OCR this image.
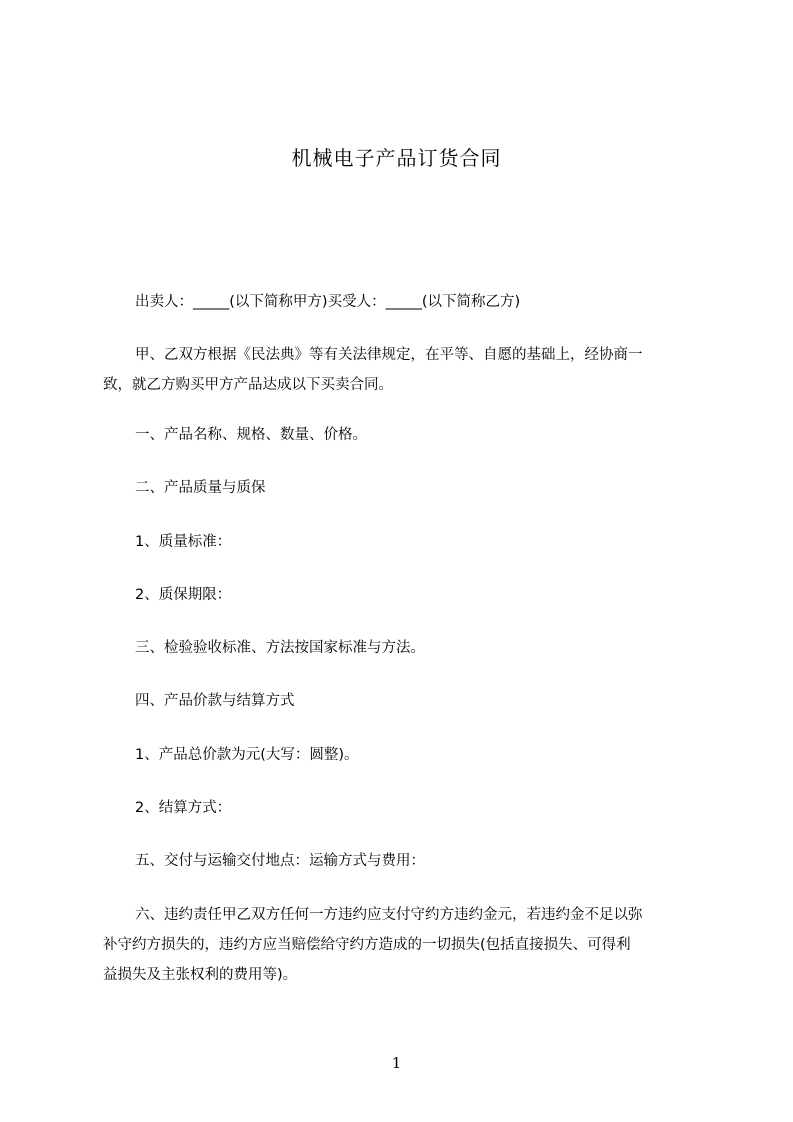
机械电子产品订货合同
出卖人：_____(以下简称甲方)买受人：_____(以下简称乙方)
甲、乙双方根据《民法典》等有关法律规定，在平等、自愿的基础上，经协商一
致，就乙方购买甲方产品达成以下买卖合同。
一、产品名称、规格、数量、价格。
二、产品质量与质保
1、质量标准：
2、质保期限：
三、检验验收标准、方法按国家标准与方法。
四、产品价款与结算方式
1、产品总价款为元(大写：圆整)。
2、结算方式：
五、交付与运输交付地点：运输方式与费用：
六、违约责任甲乙双方任何一方违约应支付守约方违约金元，若违约金不足以弥
补守约方损失的，违约方应当赔偿给守约方造成的一切损失(包括直接损失、可得利
益损失及主张权利的费用等)。
1
